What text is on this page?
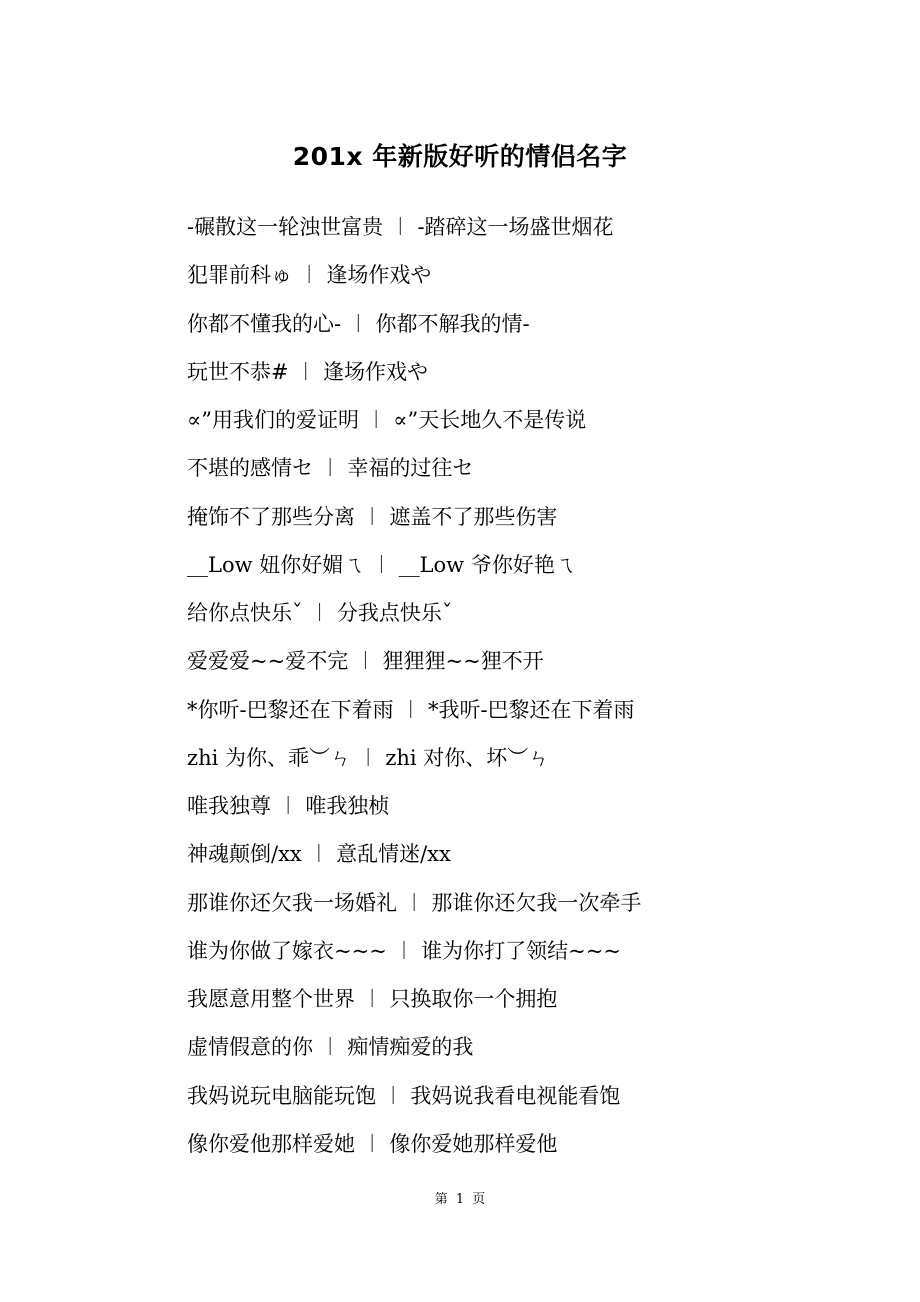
201x 年新版好听的情侣名字
-碾散这一轮浊世富贵 ︱ -踏碎这一场盛世烟花
犯罪前科ゅ ︱ 逢场作戏や
你都不懂我的心- ︱ 你都不解我的情-
玩世不恭# ︱ 逢场作戏や
∝”用我们的爱证明 ︱ ∝”天长地久不是传说
不堪的感情セ ︱ 幸福的过往セ
掩饰不了那些分离 ︱ 遮盖不了那些伤害
__Low 妞你好媚ㄟ ︱ __Low 爷你好艳ㄟ
给你点快乐ˇ ︱ 分我点快乐ˇ
爱爱爱~~爱不完 ︱ 狸狸狸~~狸不开
*你听-巴黎还在下着雨 ︱ *我听-巴黎还在下着雨
zhi 为你、乖︶ㄣ ︱ zhi 对你、坏︶ㄣ
唯我独尊 ︱ 唯我独桢
神魂颠倒/xx ︱ 意乱情迷/xx
那谁你还欠我一场婚礼 ︱ 那谁你还欠我一次牵手
谁为你做了嫁衣~~~ ︱ 谁为你打了领结~~~
我愿意用整个世界 ︱ 只换取你一个拥抱
虚情假意的你 ︱ 痴情痴爱的我
我妈说玩电脑能玩饱 ︱ 我妈说我看电视能看饱
像你爱他那样爱她 ︱ 像你爱她那样爱他
第 1 页
